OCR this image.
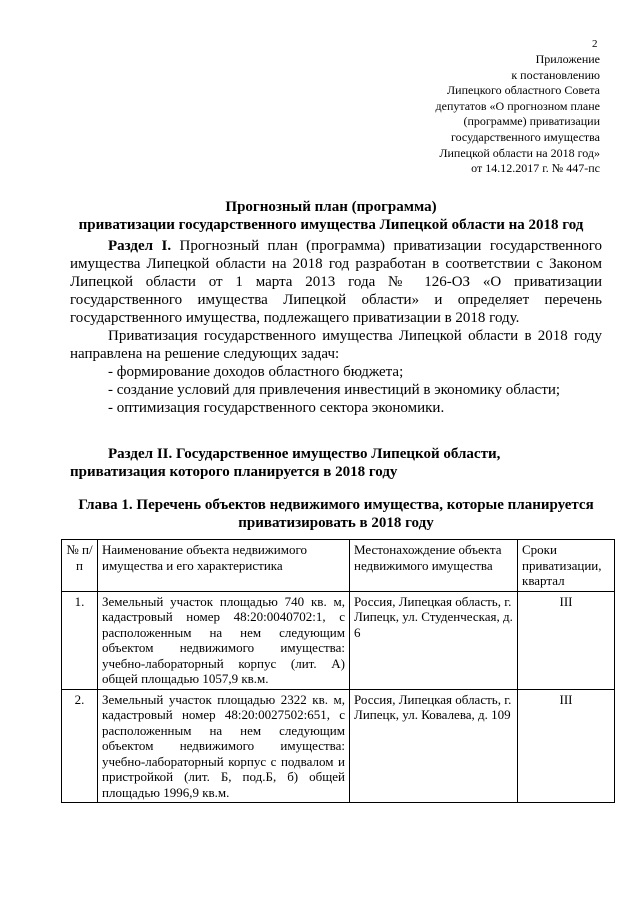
2
Приложение
к постановлению
Липецкого областного Совета
депутатов «О прогнозном плане
(программе) приватизации
государственного имущества
Липецкой области на 2018 год»
от 14.12.2017 г. № 447-пс
Прогнозный план (программа)
приватизации государственного имущества Липецкой области на 2018 год

Раздел I. Прогнозный план (программа) приватизации государственного имущества Липецкой области на 2018 год разработан в соответствии с Законом Липецкой области от 1 марта 2013 года № 126-ОЗ «О приватизации государственного имущества Липецкой области» и определяет перечень государственного имущества, подлежащего приватизации в 2018 году.

Приватизация государственного имущества Липецкой области в 2018 году направлена на решение следующих задач:

- формирование доходов областного бюджета;

- создание условий для привлечения инвестиций в экономику области;

- оптимизация государственного сектора экономики.

Раздел II. Государственное имущество Липецкой области,
приватизация которого планируется в 2018 году
Глава 1. Перечень объектов недвижимого имущества, которые планируется
приватизировать в 2018 году
№ п/п	Наименование объекта недвижимого имущества и его характеристика	Местонахождение объекта недвижимого имущества	Сроки приватизации, квартал
1.	Земельный участок площадью 740 кв. м, кадастровый номер 48:20:0040702:1, с расположенным на нем следующим объектом недвижимого имущества: учебно-лабораторный корпус (лит. А) общей площадью 1057,9 кв.м.	Россия, Липецкая область, г. Липецк, ул. Студенческая, д. 6	III
2.	Земельный участок площадью 2322 кв. м, кадастровый номер 48:20:0027502:651, с расположенным на нем следующим объектом недвижимого имущества: учебно-лабораторный корпус с подвалом и пристройкой (лит. Б, под.Б, б) общей площадью 1996,9 кв.м.	Россия, Липецкая область, г. Липецк, ул. Ковалева, д. 109	III
